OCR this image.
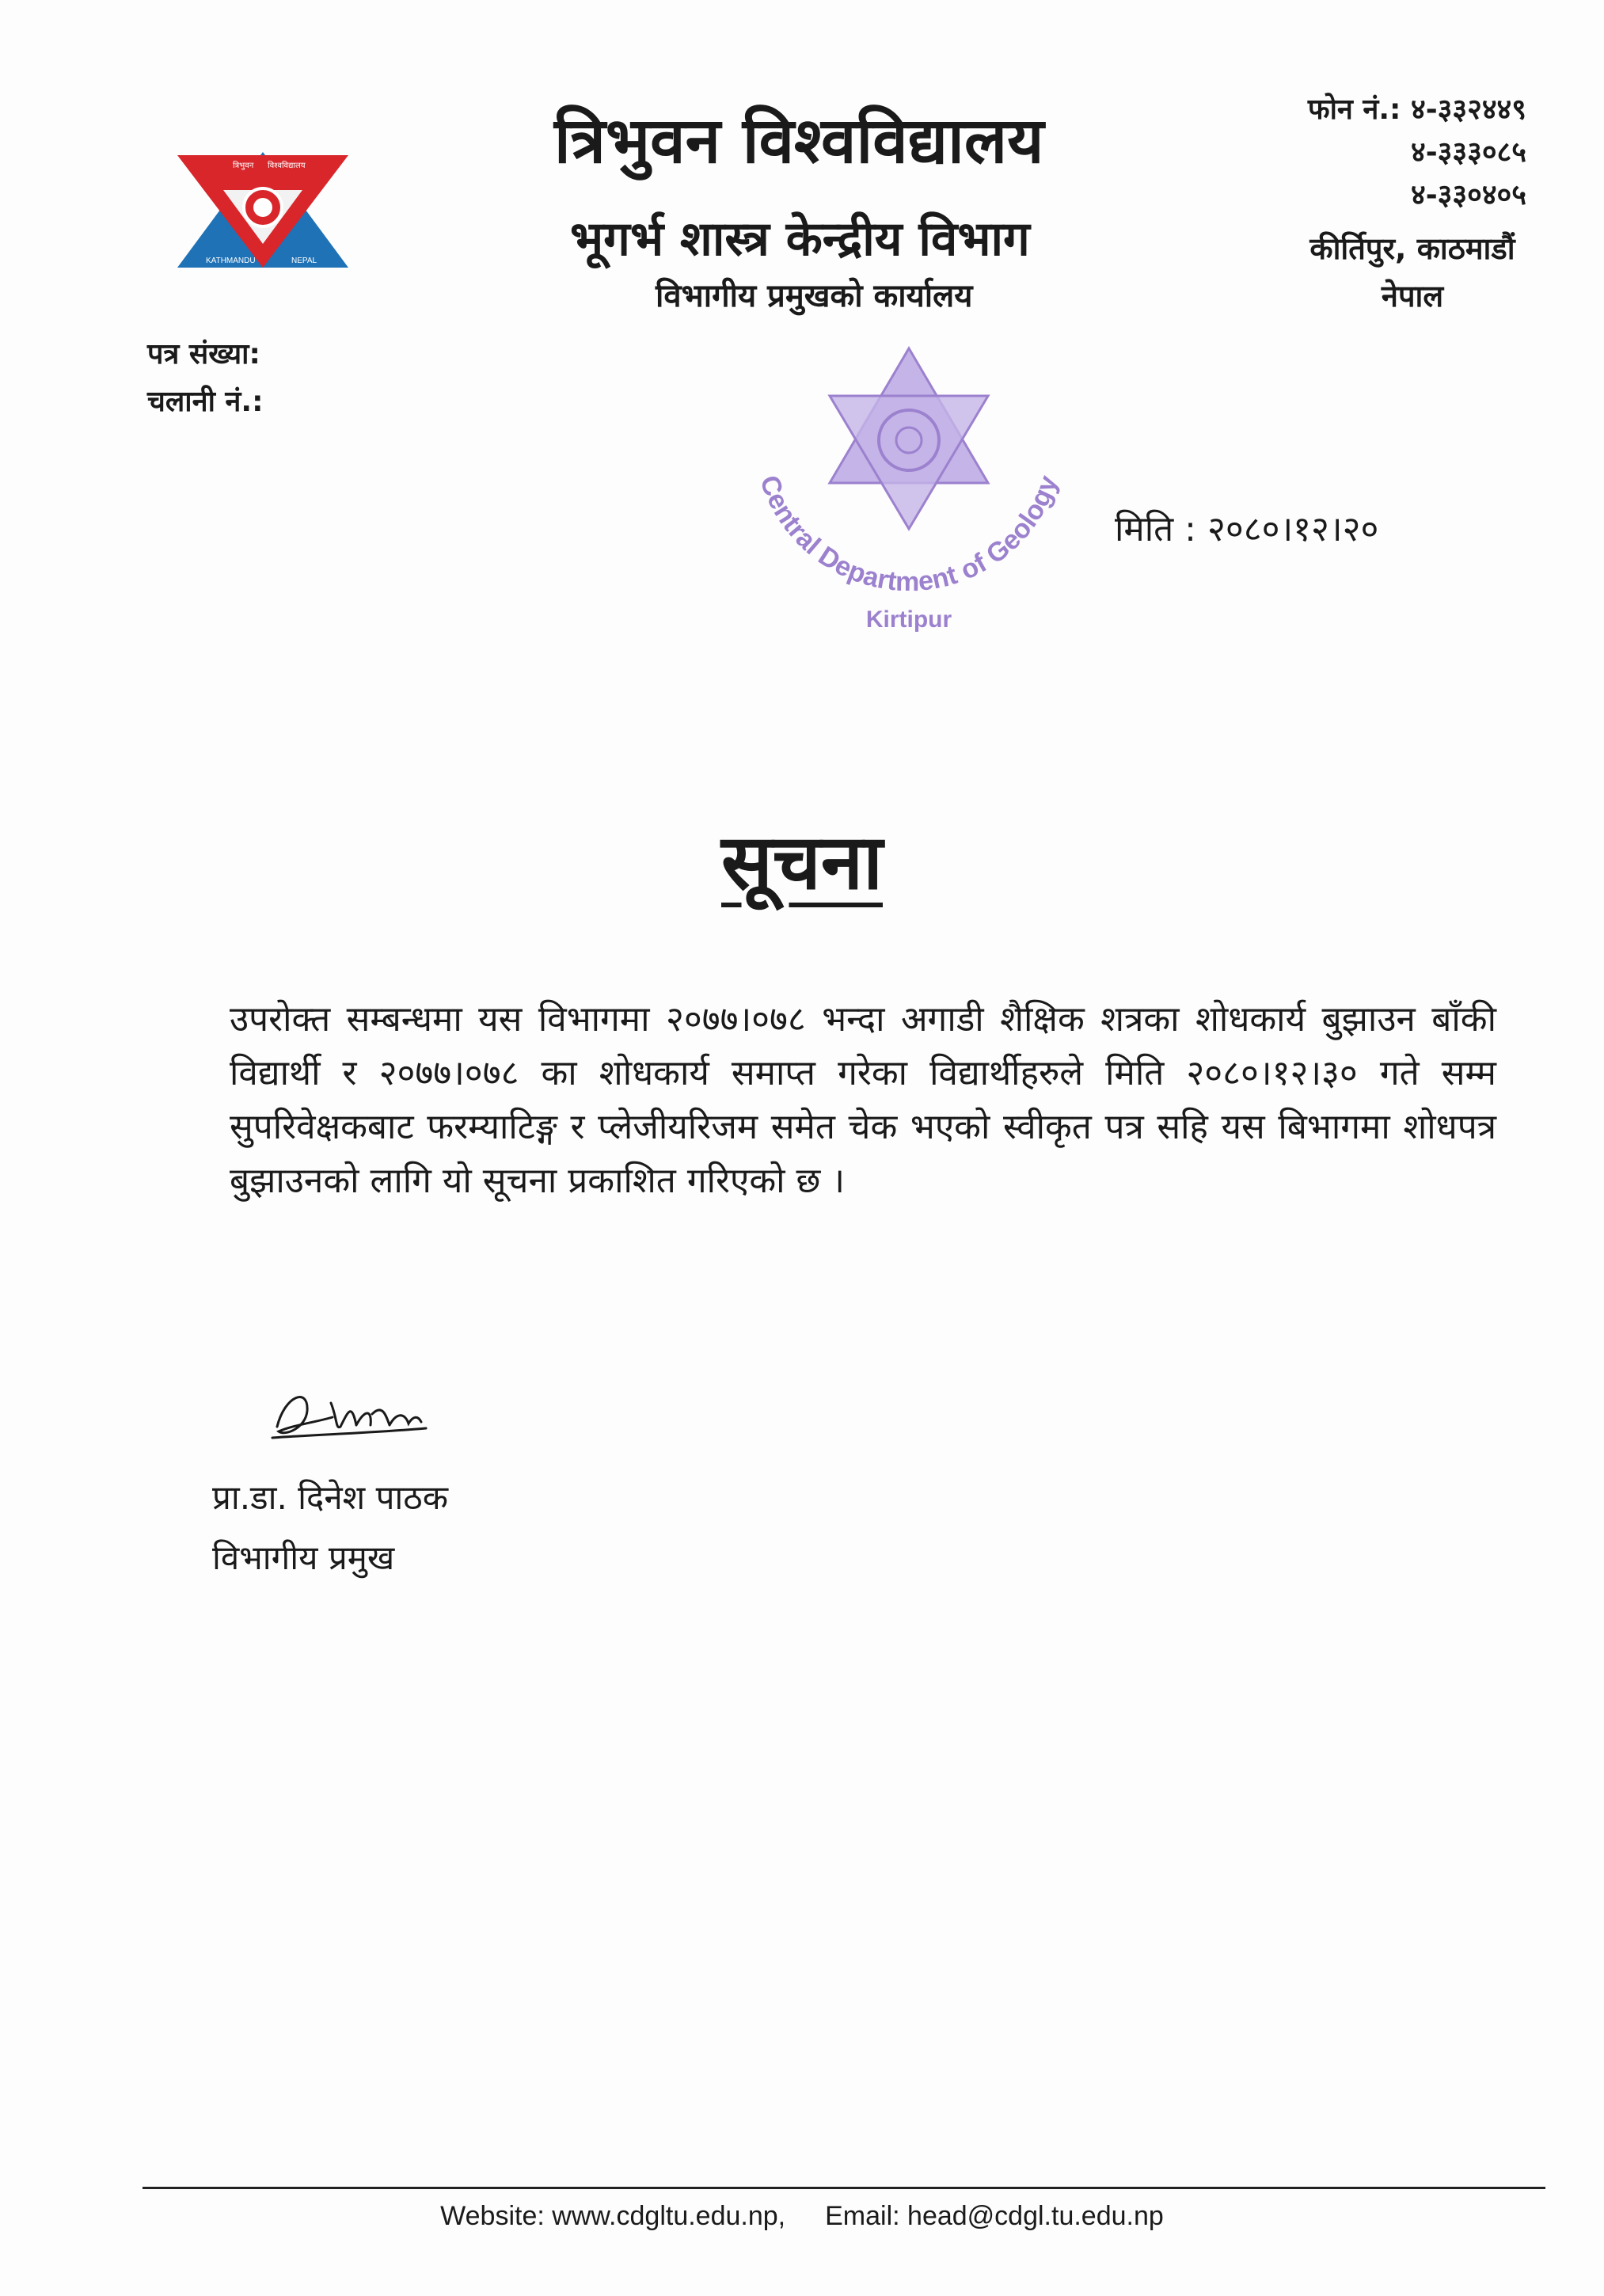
त्रिभुवन विश्वविद्यालय
KATHMANDU	NEPAL
त्रिभुवन विश्वविद्यालय
भूगर्भ शास्त्र केन्द्रीय विभाग
विभागीय प्रमुखको कार्यालय
फोन नं.: ४-३३२४४९
४-३३३०८५
४-३३०४०५
कीर्तिपुर, काठमाडौं
नेपाल
पत्र संख्या:
चलानी नं.:
Central Department of Geology
Kirtipur
मिति : २०८०।१२।२०
सूचना
उपरोक्त सम्बन्धमा यस विभागमा २०७७।०७८ भन्दा अगाडी शैक्षिक शत्रका शोधकार्य बुझाउन बाँकी विद्यार्थी र २०७७।०७८ का शोधकार्य समाप्त गरेका विद्यार्थीहरुले मिति २०८०।१२।३० गते सम्म सुपरिवेक्षकबाट फरम्याटिङ्ग र प्लेजीयरिजम समेत चेक भएको स्वीकृत पत्र सहि यस बिभागमा शोधपत्र बुझाउनको लागि यो सूचना प्रकाशित गरिएको छ ।
प्रा.डा. दिनेश पाठक
विभागीय प्रमुख
Website: www.cdgltu.edu.np, Email: head@cdgl.tu.edu.np
